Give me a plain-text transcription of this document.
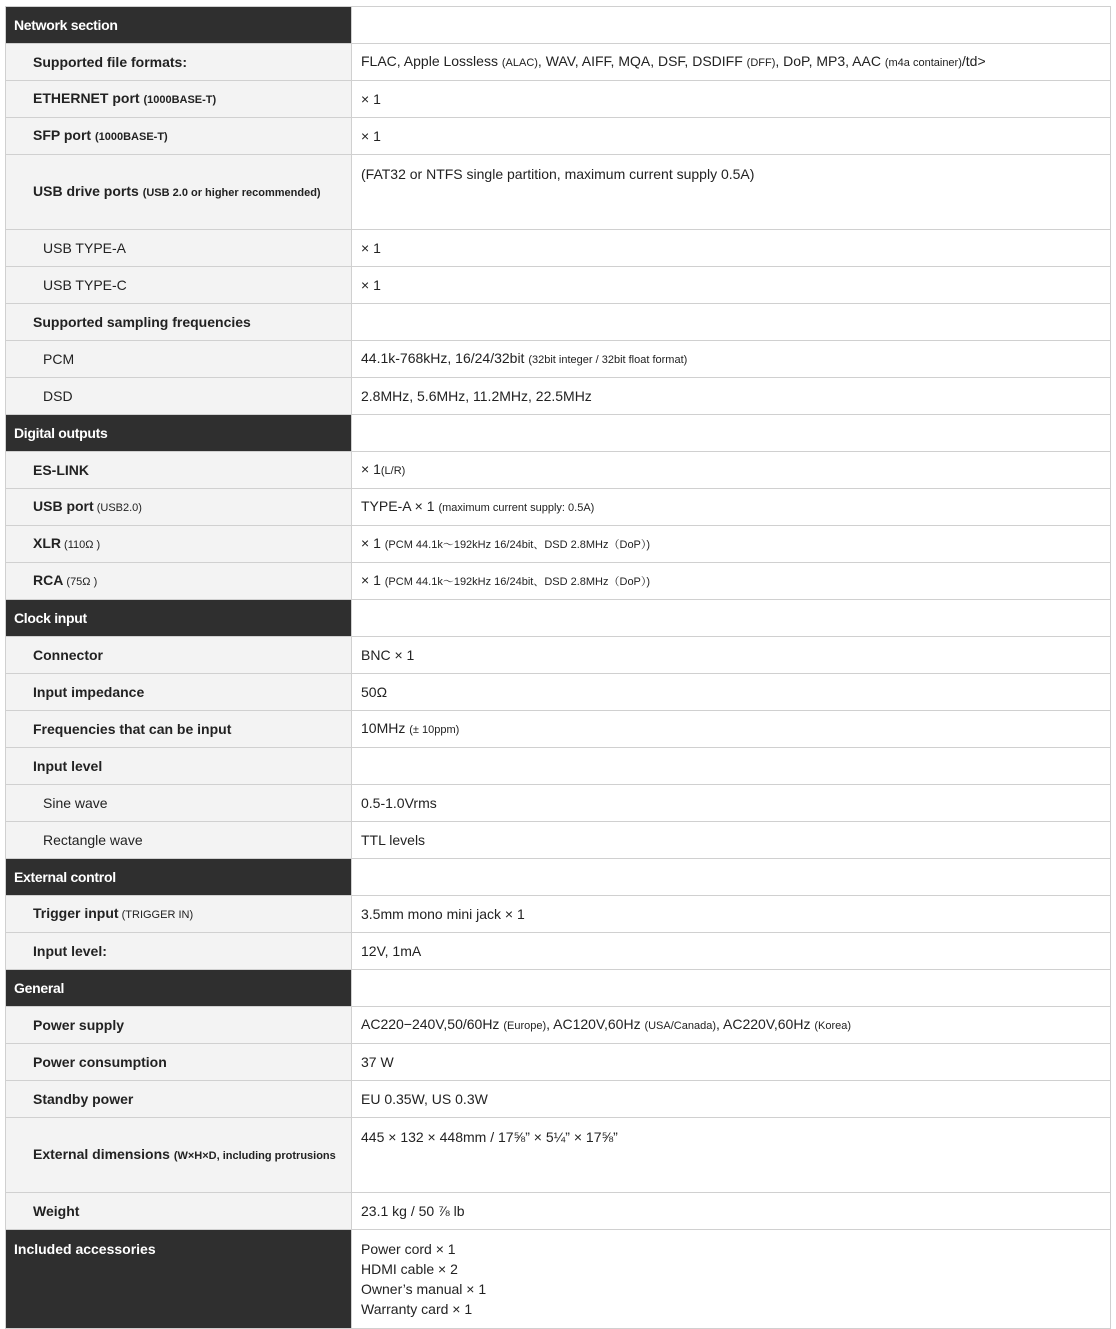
Network section	
Supported file formats:	FLAC, Apple Lossless (ALAC), WAV, AIFF, MQA, DSF, DSDIFF (DFF), DoP, MP3, AAC (m4a container)/td>
ETHERNET port (1000BASE-T)	× 1
SFP port (1000BASE-T)	× 1
USB drive ports (USB 2.0 or higher recommended)	(FAT32 or NTFS single partition, maximum current supply 0.5A)
USB TYPE-A	× 1
USB TYPE-C	× 1
Supported sampling frequencies	
PCM	44.1k-768kHz, 16/24/32bit (32bit integer / 32bit float format)
DSD	2.8MHz, 5.6MHz, 11.2MHz, 22.5MHz
Digital outputs	
ES-LINK	× 1(L/R)
USB port (USB2.0)	TYPE-A × 1 (maximum current supply: 0.5A)
XLR (110Ω )	× 1 (PCM 44.1k～192kHz 16/24bit、DSD 2.8MHz（DoP）)
RCA (75Ω )	× 1 (PCM 44.1k～192kHz 16/24bit、DSD 2.8MHz（DoP）)
Clock input	
Connector	BNC × 1
Input impedance	50Ω
Frequencies that can be input	10MHz (± 10ppm)
Input level	
Sine wave	0.5-1.0Vrms
Rectangle wave	TTL levels
External control	
Trigger input (TRIGGER IN)	3.5mm mono mini jack × 1
Input level:	12V, 1mA
General	
Power supply	AC220−240V,50/60Hz (Europe), AC120V,60Hz (USA/Canada), AC220V,60Hz (Korea)
Power consumption	37 W
Standby power	EU 0.35W, US 0.3W
External dimensions (W×H×D, including protrusions	445 × 132 × 448mm / 17⅝” × 5¼” × 17⅝”
Weight	23.1 kg / 50 ⅞ lb
Included accessories	Power cord × 1
HDMI cable × 2
Owner’s manual × 1
Warranty card × 1
